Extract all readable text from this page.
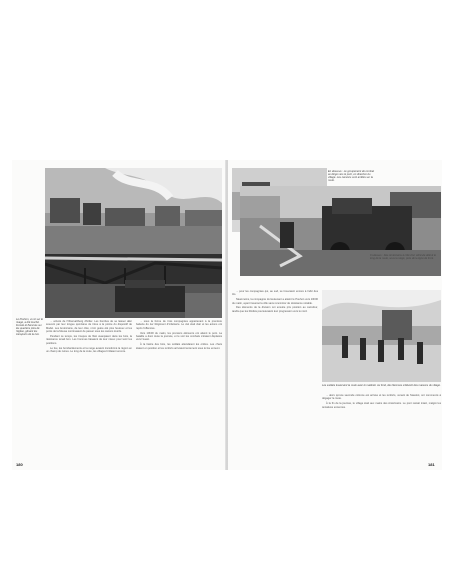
Le Pouhon, vu ici sur le rivage, a été touché. Fumée et flammes sur les quartiers près de l'église, gênant les transports de la rive.

... arrivés de l'Obersalzberg d'Hitler. Les bombes de se laisser aller souvent par leur longue quinzaine de trêve à la pointe du dispositif de Model. Les Américains, de leur côté, n'ont guère été plus heureux et les ponts de la Meuse continuaient de passer sous les canons lourds.

Pendant ce temps, les troupes de l'Est avançaient dans les bois, la résistance tenait bon. Les hommes faisaient de leur mieux pour tenir les positions.

Le feu, les bombardements et la neige avaient transformé la région en un champ de ruines. Le long de la route, les villages brûlaient encore.

... sous la forme de trois compagnies appartenant à la première batterie du 1er Régiment d'infanterie. Le ciel était clair et les avions ont repris l'offensive.

Vers 10h00 du matin, les premiers éléments ont atteint le pont. La bataille a duré toute la journée, et le soir les combats s'étaient déplacés vers l'ouest.

À la lisière des bois, les soldats attendaient les ordres. Les chars étaient en position et les renforts arrivaient lentement sous le feu ennemi.

180
En dessous : Le groupement de combat se dirige vers le pont, en direction du village. Les camions sont arrêtés sur la route.
Ci-dessus : Des Américains à côté d'un véhicule détruit le long de la route, sous la neige, près de la ligne de front.

... pour les compagnies qui, au sud, se trouvaient encore à l'abri des tirs.

Néanmoins, la compagnie du lieutenant a atteint le Pouhon vers 10h00 du matin, ayant traversé la ville sans rencontrer de résistance notable.

Des éléments de la division ont ensuite pris position au carrefour, tandis que les blindés poursuivaient leur progression vers le nord.

Les soldats traversent la route avec le matériel. Au fond, des flammes s'élèvent des maisons du village.

... alors qu'une seconde colonne est arrivée et les renforts, venant de Stavelot, ont commencé à dégager la route.

À la fin de la journée, le village était aux mains des Américains. Le pont restait intact, malgré les tentatives ennemies.

181
